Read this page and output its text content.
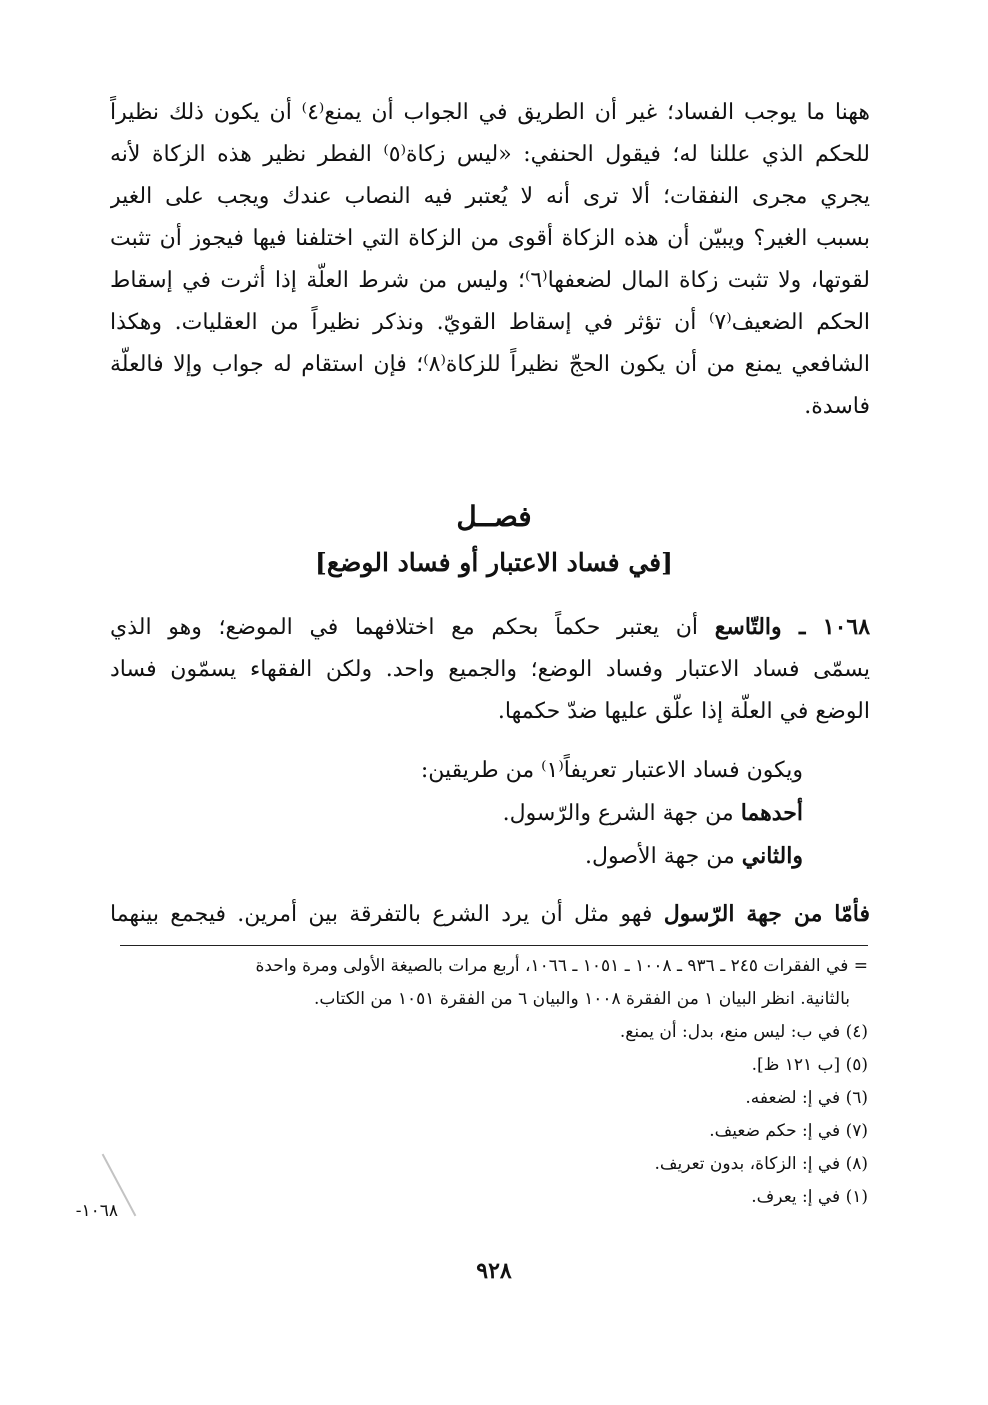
ههنا ما يوجب الفساد؛ غير أن الطريق في الجواب أن يمنع⁽٤⁾ أن يكون ذلك نظيراً
للحكم الذي عللنا له؛ فيقول الحنفي: «ليس زكاة⁽٥⁾ الفطر نظير هذه الزكاة لأنه
يجري مجرى النفقات؛ ألا ترى أنه لا يُعتبر فيه النصاب عندك ويجب على الغير
بسبب الغير؟ ويبيّن أن هذه الزكاة أقوى من الزكاة التي اختلفنا فيها فيجوز أن تثبت
لقوتها، ولا تثبت زكاة المال لضعفها⁽٦⁾؛ وليس من شرط العلّة إذا أثرت في إسقاط
الحكم الضعيف⁽٧⁾ أن تؤثر في إسقاط القويّ. ونذكر نظيراً من العقليات. وهكذا
الشافعي يمنع من أن يكون الحجّ نظيراً للزكاة⁽٨⁾؛ فإن استقام له جواب وإلا فالعلّة
فاسدة.
فصــل
[في فساد الاعتبار أو فساد الوضع]
١٠٦٨ ـ والتّاسع أن يعتبر حكماً بحكم مع اختلافهما في الموضع؛ وهو الذي
يسمّى فساد الاعتبار وفساد الوضع؛ والجميع واحد. ولكن الفقهاء يسمّون فساد
الوضع في العلّة إذا علّق عليها ضدّ حكمها.
ويكون فساد الاعتبار تعريفاً⁽١⁾ من طريقين:
أحدهما من جهة الشرع والرّسول.
والثاني من جهة الأصول.
فأمّا من جهة الرّسول فهو مثل أن يرد الشرع بالتفرقة بين أمرين. فيجمع بينهما
= في الفقرات ٢٤٥ ـ ٩٣٦ ـ ١٠٠٨ ـ ١٠٥١ ـ ١٠٦٦، أربع مرات بالصيغة الأولى ومرة واحدة
بالثانية. انظر البيان ١ من الفقرة ١٠٠٨ والبيان ٦ من الفقرة ١٠٥١ من الكتاب.
(٤) في ب: ليس منع، بدل: أن يمنع.
(٥) [ب ١٢١ ظ].
(٦) في إ: لضعفه.
(٧) في إ: حكم ضعيف.
(٨) في إ: الزكاة، بدون تعريف.
(١) في إ: يعرف.
١٠٦٨-
٩٢٨
